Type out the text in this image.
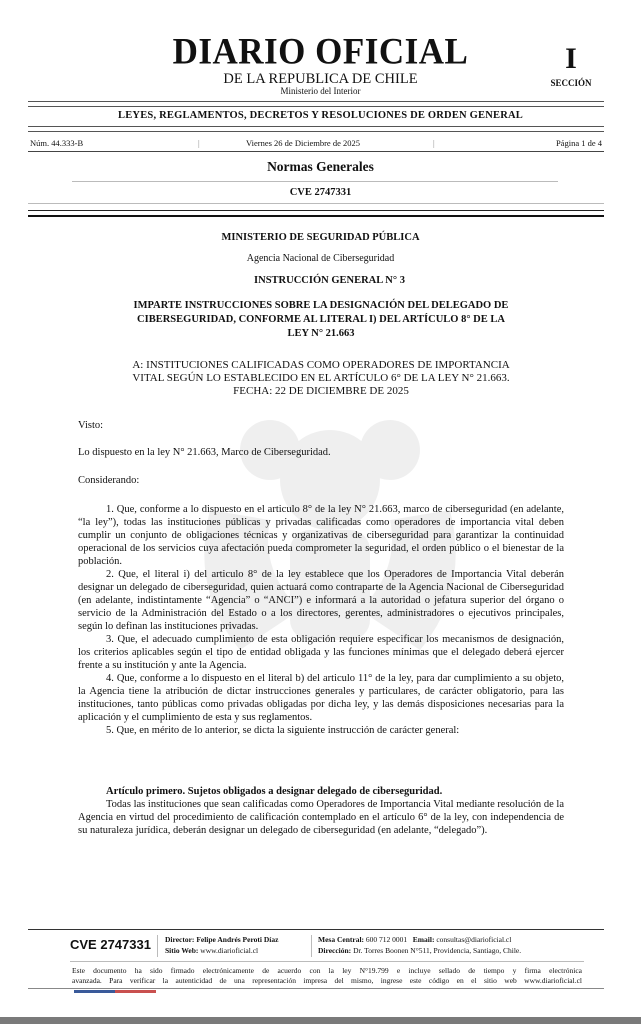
DIARIO OFICIAL
DE LA REPUBLICA DE CHILE
Ministerio del Interior
I
SECCIÓN
LEYES, REGLAMENTOS, DECRETOS Y RESOLUCIONES DE ORDEN GENERAL
Núm. 44.333-B	|	Viernes 26 de Diciembre de 2025	|	Página 1 de 4
Normas Generales
CVE 2747331
MINISTERIO DE SEGURIDAD PÚBLICA
Agencia Nacional de Ciberseguridad
INSTRUCCIÓN GENERAL N° 3
IMPARTE INSTRUCCIONES SOBRE LA DESIGNACIÓN DEL DELEGADO DE
CIBERSEGURIDAD, CONFORME AL LITERAL I) DEL ARTÍCULO 8° DE LA
LEY N° 21.663
A: INSTITUCIONES CALIFICADAS COMO OPERADORES DE IMPORTANCIA
VITAL SEGÚN LO ESTABLECIDO EN EL ARTÍCULO 6° DE LA LEY N° 21.663.
FECHA: 22 DE DICIEMBRE DE 2025
Visto:
Lo dispuesto en la ley N° 21.663, Marco de Ciberseguridad.
Considerando:

1. Que, conforme a lo dispuesto en el articulo 8° de la ley N° 21.663, marco de ciberseguridad (en adelante, “la ley”), todas las instituciones públicas y privadas calificadas como operadores de importancia vital deben cumplir un conjunto de obligaciones técnicas y organizativas de ciberseguridad para garantizar la continuidad operacional de los servicios cuya afectación pueda comprometer la seguridad, el orden público o el bienestar de la población.

2. Que, el literal i) del articulo 8° de la ley establece que los Operadores de Importancia Vital deberán designar un delegado de ciberseguridad, quien actuará como contraparte de la Agencia Nacional de Ciberseguridad (en adelante, indistintamente “Agencia” o “ANCI”) e informará a la autoridad o jefatura superior del órgano o servicio de la Administración del Estado o a los directores, gerentes, administradores o ejecutivos principales, según lo definan las instituciones privadas.

3. Que, el adecuado cumplimiento de esta obligación requiere especificar los mecanismos de designación, los criterios aplicables según el tipo de entidad obligada y las funciones mínimas que el delegado deberá ejercer frente a su institución y ante la Agencia.

4. Que, conforme a lo dispuesto en el literal b) del articulo 11° de la ley, para dar cumplimiento a su objeto, la Agencia tiene la atribución de dictar instrucciones generales y particulares, de carácter obligatorio, para las instituciones, tanto públicas como privadas obligadas por dicha ley, y las demás disposiciones necesarias para la aplicación y el cumplimiento de esta y sus reglamentos.

5. Que, en mérito de lo anterior, se dicta la siguiente instrucción de carácter general:

Artículo primero. Sujetos obligados a designar delegado de ciberseguridad.
Todas las instituciones que sean calificadas como Operadores de Importancia Vital mediante resolución de la Agencia en virtud del procedimiento de calificación contemplado en el artículo 6° de la ley, con independencia de su naturaleza jurídica, deberán designar un delegado de ciberseguridad (en adelante, “delegado”).
CVE 2747331 Director: Felipe Andrés Peroti Díaz
Sitio Web: www.diarioficial.cl
Mesa Central: 600 712 0001 Email: consultas@diarioficial.cl
Dirección: Dr. Torres Boonen N°511, Providencia, Santiago, Chile.
Este documento ha sido firmado electrónicamente de acuerdo con la ley N°19.799 e incluye sellado de tiempo y firma electrónica
avanzada. Para verificar la autenticidad de una representación impresa del mismo, ingrese este código en el sitio web www.diarioficial.cl
